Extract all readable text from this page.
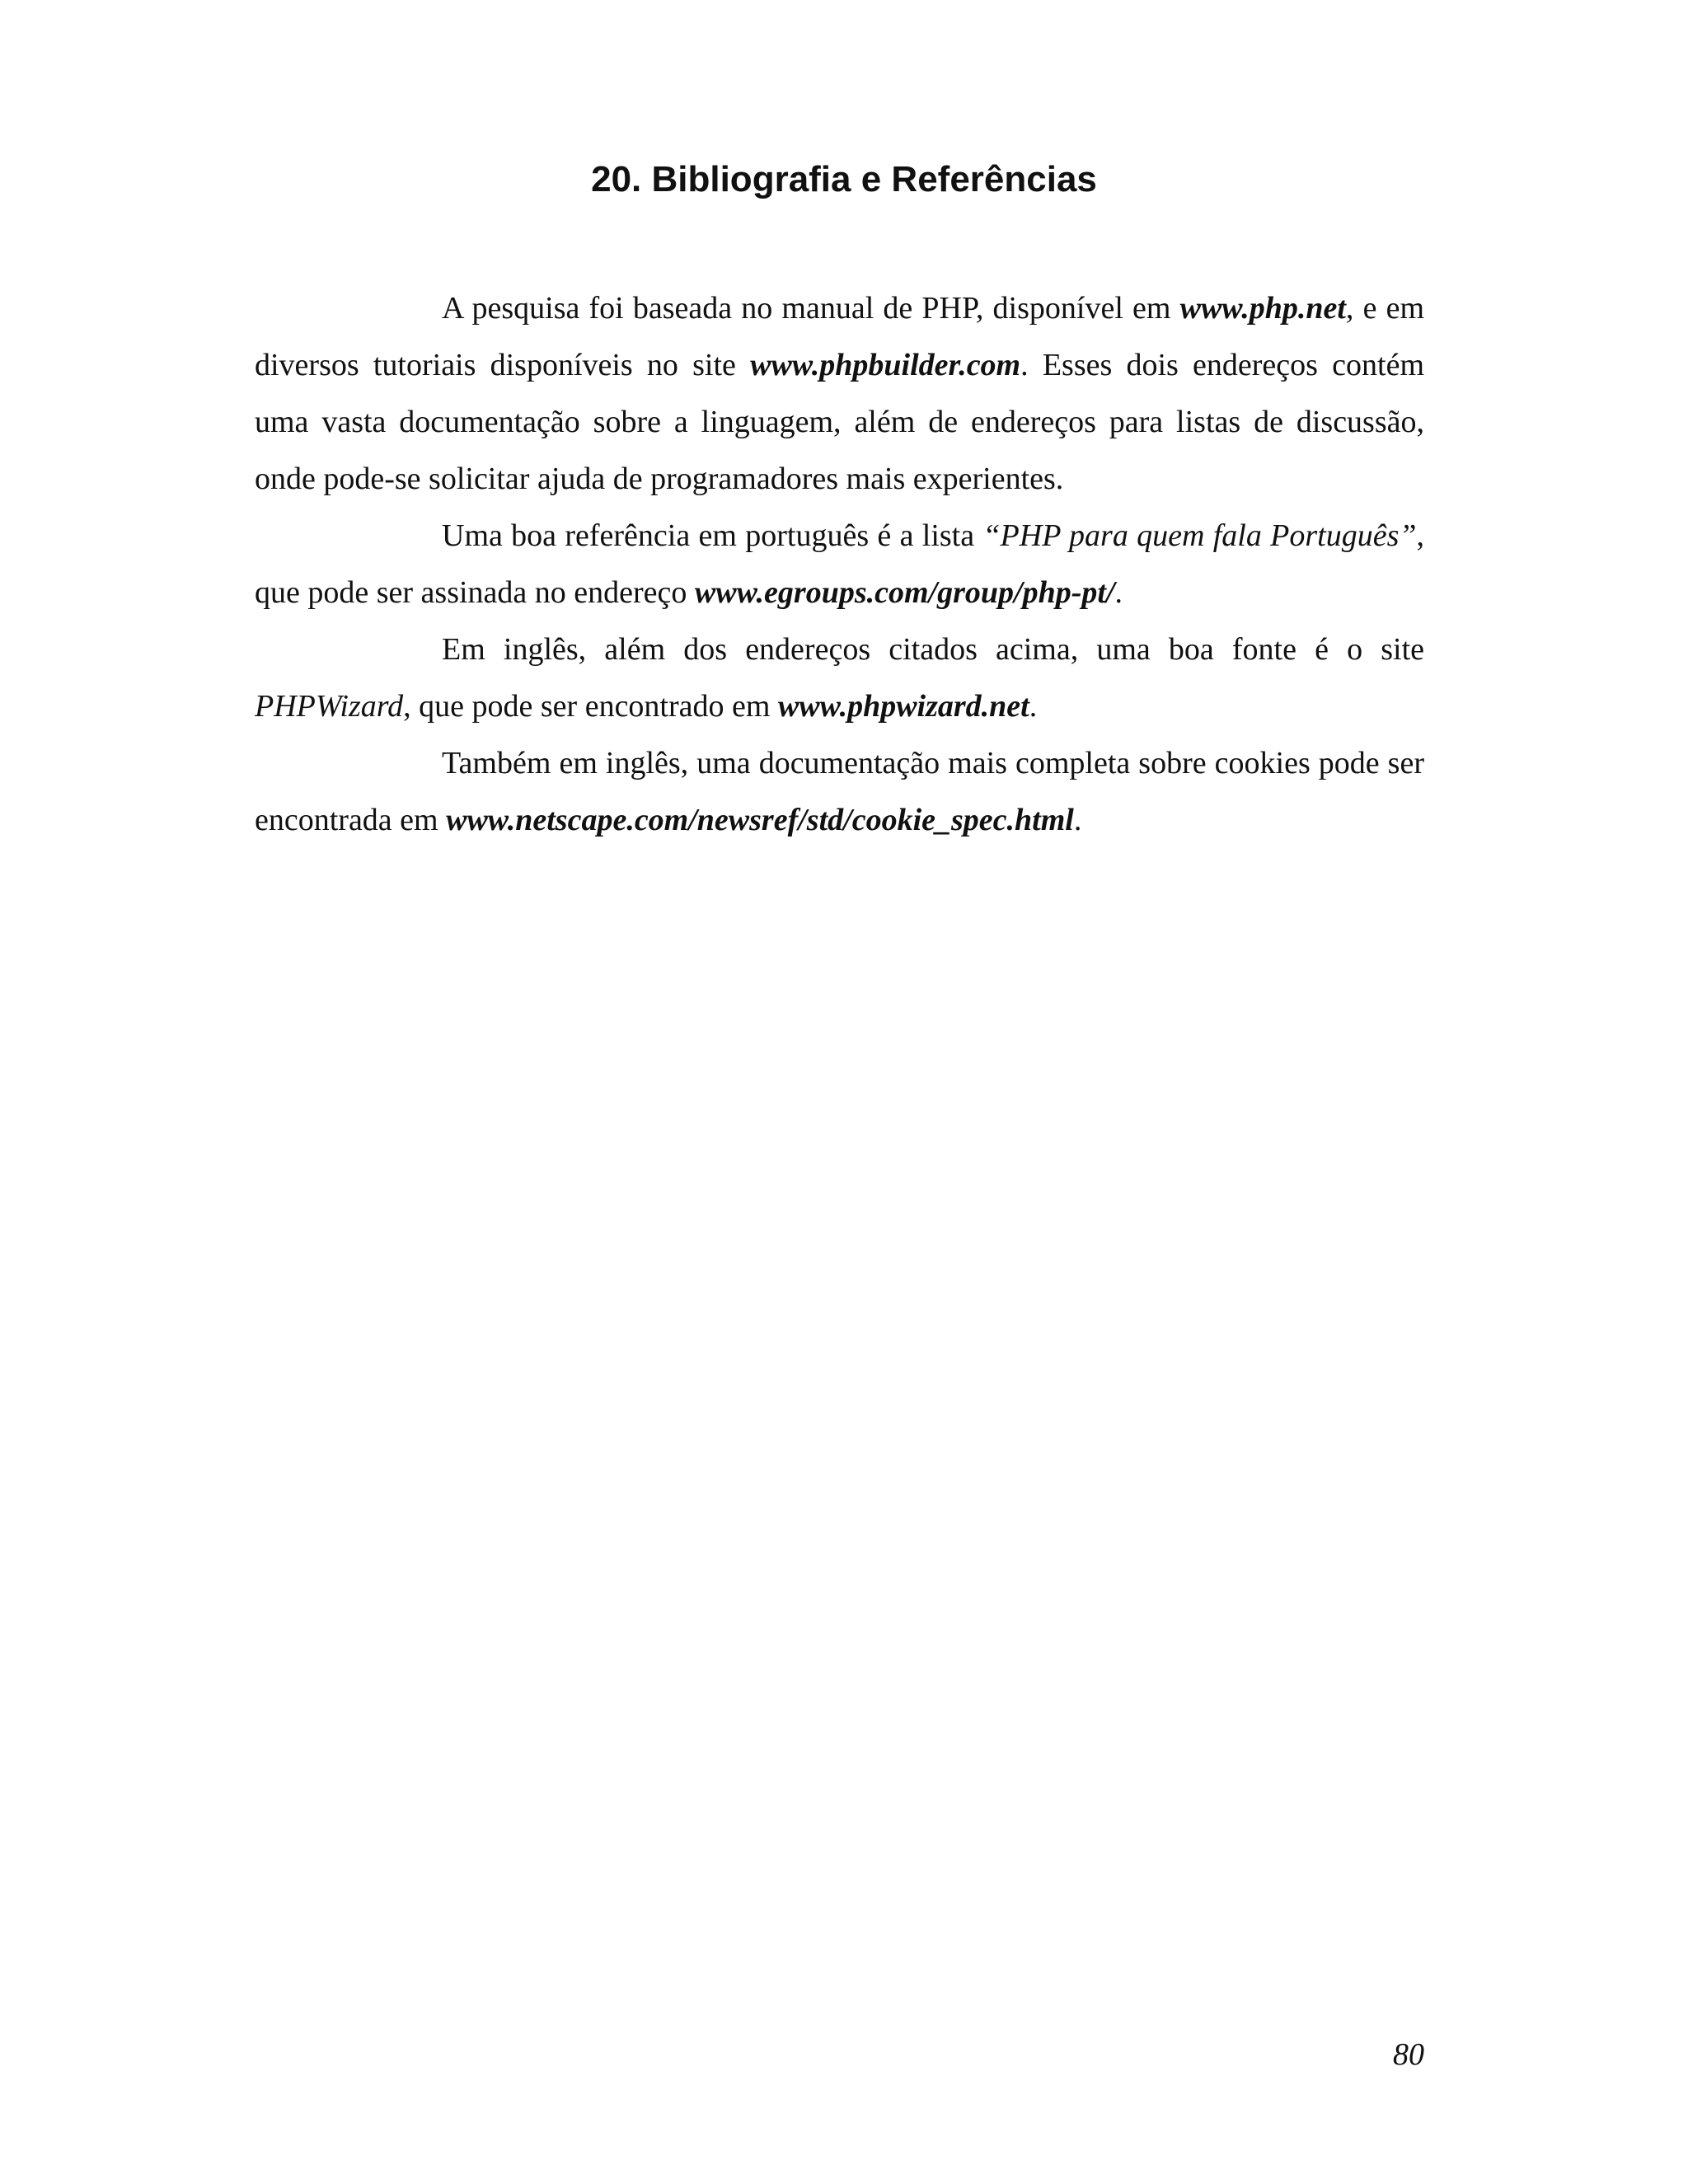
20. Bibliografia e Referências

A pesquisa foi baseada no manual de PHP, disponível em www.php.net, e em diversos tutoriais disponíveis no site www.phpbuilder.com. Esses dois endereços contém uma vasta documentação sobre a linguagem, além de endereços para listas de discussão, onde pode-se solicitar ajuda de programadores mais experientes.

Uma boa referência em português é a lista “PHP para quem fala Português”, que pode ser assinada no endereço www.egroups.com/group/php-pt/.

Em inglês, além dos endereços citados acima, uma boa fonte é o site PHPWizard, que pode ser encontrado em www.phpwizard.net.

Também em inglês, uma documentação mais completa sobre cookies pode ser encontrada em www.netscape.com/newsref/std/cookie_spec.html.

80
